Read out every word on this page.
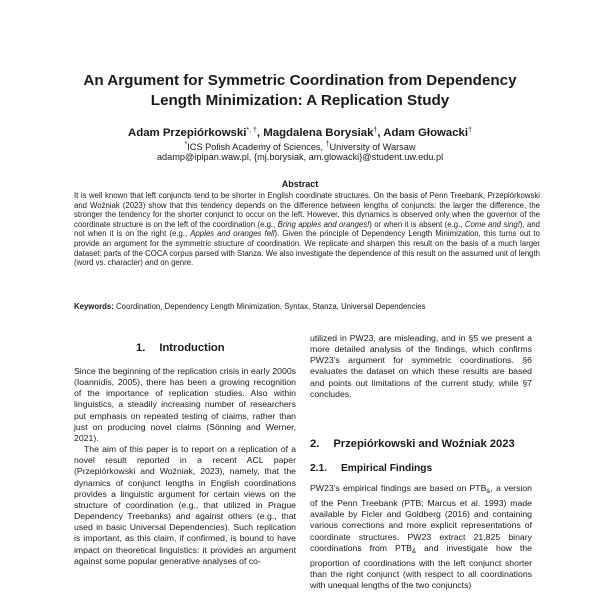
An Argument for Symmetric Coordination from Dependency
Length Minimization: A Replication Study
Adam Przepiórkowski*, †, Magdalena Borysiak†, Adam Głowacki†
*ICS Polish Academy of Sciences, †University of Warsaw
adamp@ipipan.waw.pl, {mj.borysiak, am.glowacki}@student.uw.edu.pl
Abstract
It is well known that left conjuncts tend to be shorter in English coordinate structures. On the basis of Penn Treebank, Przepiórkowski and Woźniak (2023) show that this tendency depends on the difference between lengths of conjuncts: the larger the difference, the stronger the tendency for the shorter conjunct to occur on the left. However, this dynamics is observed only when the governor of the coordinate structure is on the left of the coordination (e.g., Bring apples and oranges!) or when it is absent (e.g., Come and sing!), and not when it is on the right (e.g., Apples and oranges fell). Given the principle of Dependency Length Minimization, this turns out to provide an argument for the symmetric structure of coordination. We replicate and sharpen this result on the basis of a much larger dataset: parts of the COCA corpus parsed with Stanza. We also investigate the dependence of this result on the assumed unit of length (word vs. character) and on genre.
Keywords: Coordination, Dependency Length Minimization, Syntax, Stanza, Universal Dependencies
1. Introduction

Since the beginning of the replication crisis in early 2000s (Ioannidis, 2005), there has been a growing recognition of the importance of replication studies. Also within linguistics, a steadily increasing number of researchers put emphasis on repeated testing of claims, rather than just on producing novel claims (Sönning and Werner, 2021).

The aim of this paper is to report on a replication of a novel result reported in a recent ACL paper (Przepiórkowski and Woźniak, 2023), namely, that the dynamics of conjunct lengths in English coordinations provides a linguistic argument for certain views on the structure of coordination (e.g., that utilized in Prague Dependency Treebanks) and against others (e.g., that used in basic Universal Dependencies). Such replication is important, as this claim, if confirmed, is bound to have impact on theoretical linguistics: it provides an argument against some popular generative analyses of co-

utilized in PW23, are misleading, and in §5 we present a more detailed analysis of the findings, which confirms PW23’s argument for symmetric coordinations. §6 evaluates the dataset on which these results are based and points out limitations of the current study, while §7 concludes.

2. Przepiórkowski and Woźniak 2023
2.1. Empirical Findings

PW23’s empirical findings are based on $PTB_{\&}$, a version of the Penn Treebank (PTB; Marcus et al. 1993) made available by Ficler and Goldberg (2016) and containing various corrections and more explicit representations of coordinate structures. PW23 extract 21,825 binary coordinations from $PTB_{\&}$ and investigate how the proportion of coordinations with the left conjunct shorter than the right conjunct (with respect to all coordinations with unequal lengths of the two conjuncts)
